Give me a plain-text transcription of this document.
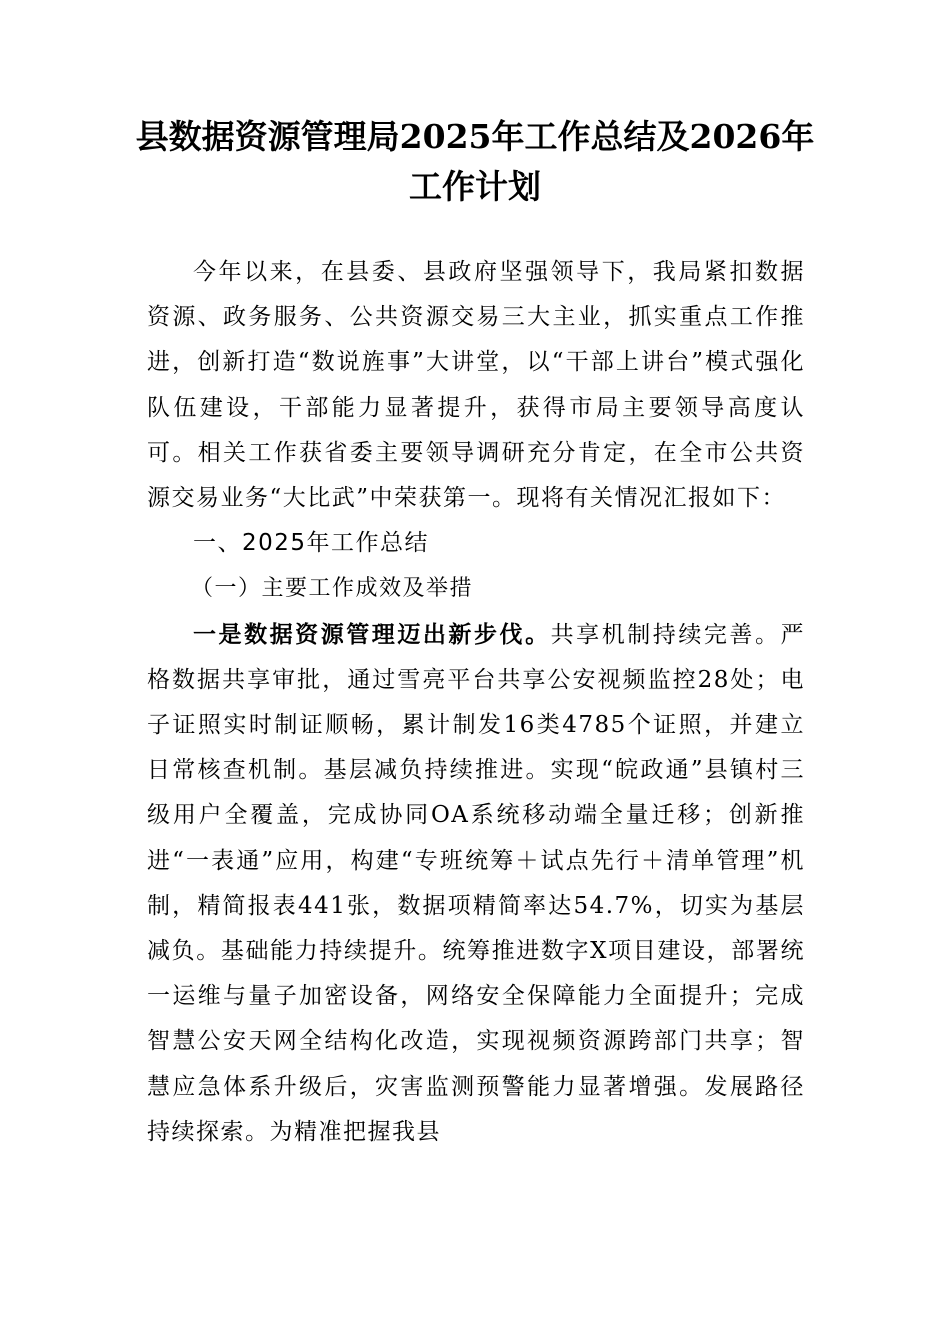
县数据资源管理局2025年工作总结及2026年工作计划

今年以来，在县委、县政府坚强领导下，我局紧扣数据资源、政务服务、公共资源交易三大主业，抓实重点工作推进，创新打造“数说旌事”大讲堂，以“干部上讲台”模式强化队伍建设，干部能力显著提升，获得市局主要领导高度认可。相关工作获省委主要领导调研充分肯定，在全市公共资源交易业务“大比武”中荣获第一。现将有关情况汇报如下：

一、2025年工作总结

（一）主要工作成效及举措

一是数据资源管理迈出新步伐。共享机制持续完善。严格数据共享审批，通过雪亮平台共享公安视频监控28处；电子证照实时制证顺畅，累计制发16类4785个证照，并建立日常核查机制。基层减负持续推进。实现“皖政通”县镇村三级用户全覆盖，完成协同OA系统移动端全量迁移；创新推进“一表通”应用，构建“专班统筹＋试点先行＋清单管理”机制，精简报表441张，数据项精简率达54.7%，切实为基层减负。基础能力持续提升。统筹推进数字X项目建设，部署统一运维与量子加密设备，网络安全保障能力全面提升；完成智慧公安天网全结构化改造，实现视频资源跨部门共享；智慧应急体系升级后，灾害监测预警能力显著增强。发展路径持续探索。为精准把握我县
